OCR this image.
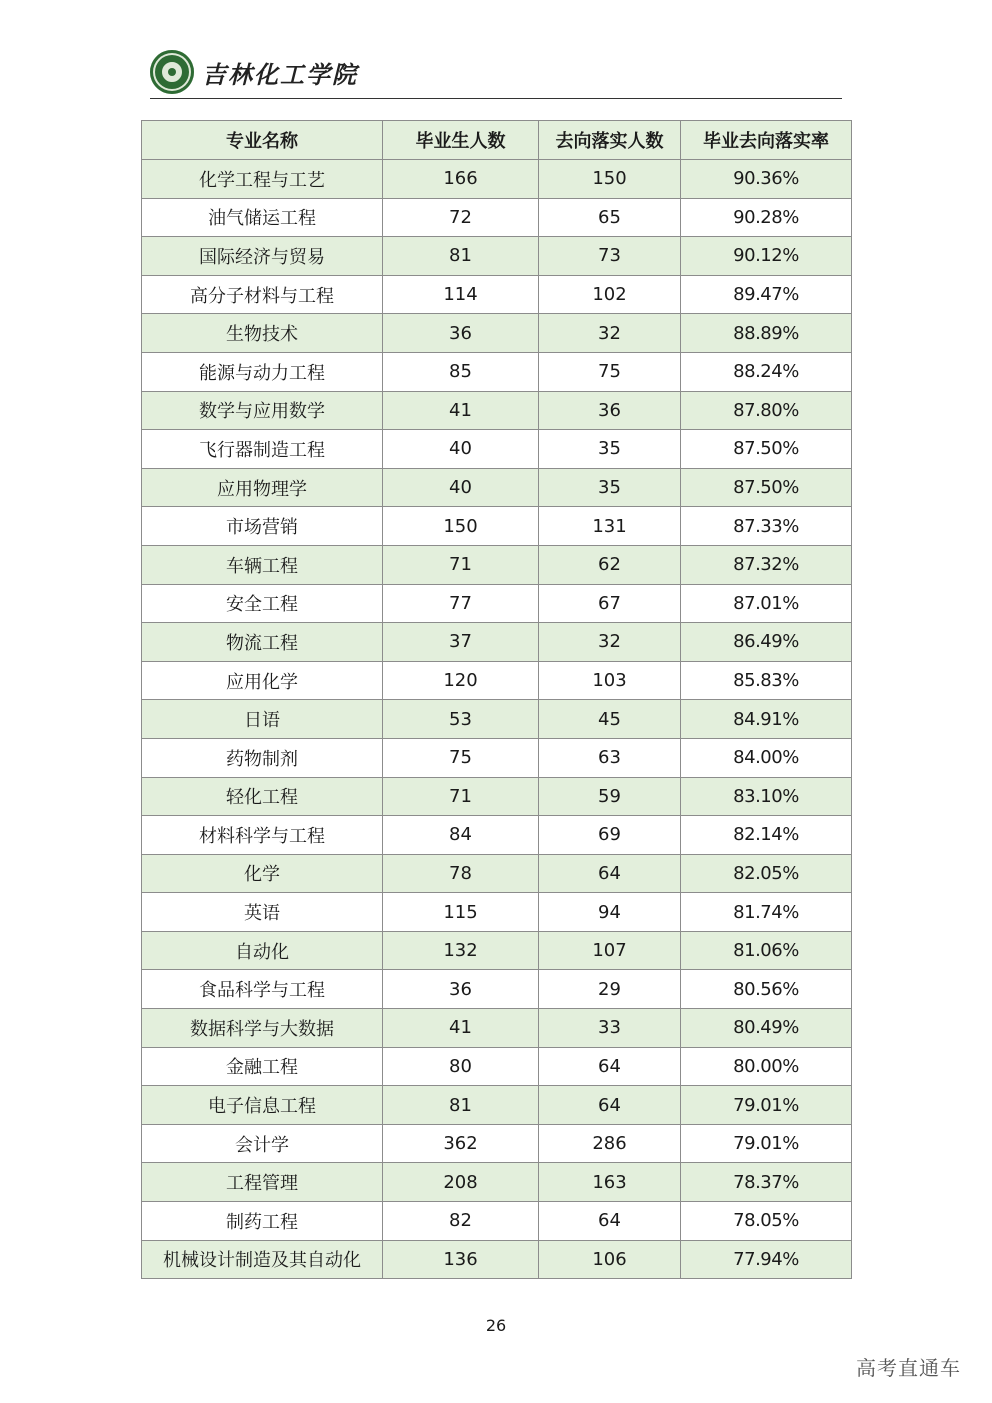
吉林化工学院
专业名称	毕业生人数	去向落实人数	毕业去向落实率
化学工程与工艺	166	150	90.36%
油气储运工程	72	65	90.28%
国际经济与贸易	81	73	90.12%
高分子材料与工程	114	102	89.47%
生物技术	36	32	88.89%
能源与动力工程	85	75	88.24%
数学与应用数学	41	36	87.80%
飞行器制造工程	40	35	87.50%
应用物理学	40	35	87.50%
市场营销	150	131	87.33%
车辆工程	71	62	87.32%
安全工程	77	67	87.01%
物流工程	37	32	86.49%
应用化学	120	103	85.83%
日语	53	45	84.91%
药物制剂	75	63	84.00%
轻化工程	71	59	83.10%
材料科学与工程	84	69	82.14%
化学	78	64	82.05%
英语	115	94	81.74%
自动化	132	107	81.06%
食品科学与工程	36	29	80.56%
数据科学与大数据	41	33	80.49%
金融工程	80	64	80.00%
电子信息工程	81	64	79.01%
会计学	362	286	79.01%
工程管理	208	163	78.37%
制药工程	82	64	78.05%
机械设计制造及其自动化	136	106	77.94%
26
高考直通车
